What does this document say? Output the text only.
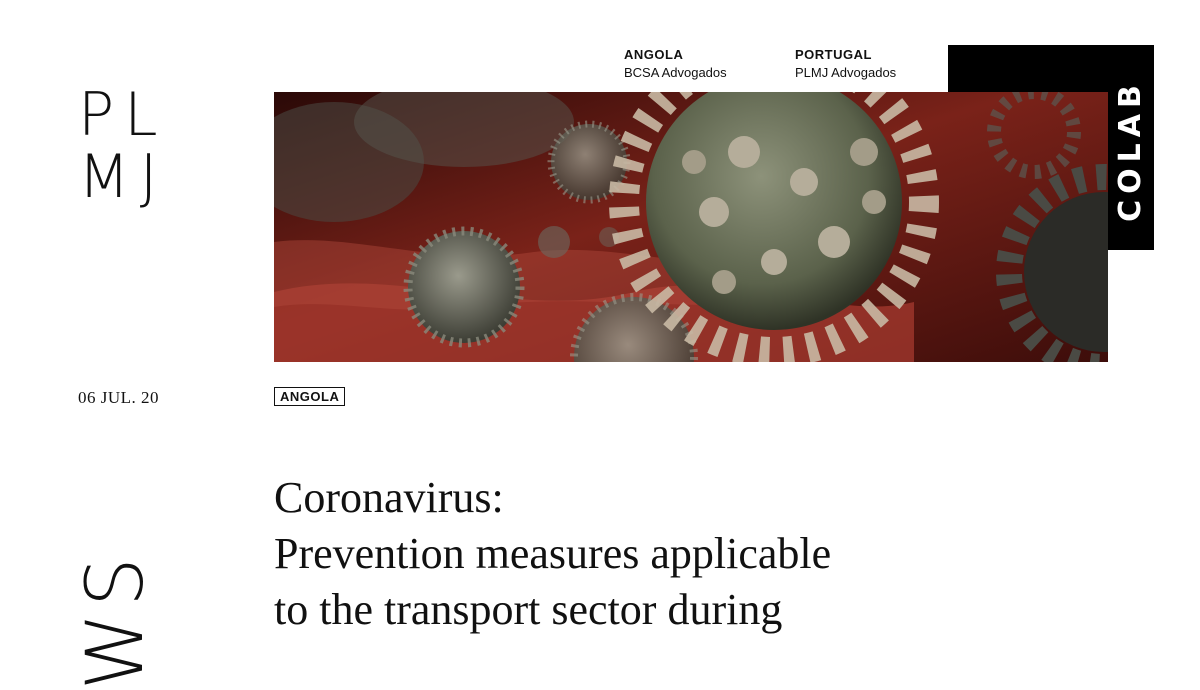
PL
MJ
ANGOLA
BCSA Advogados
PORTUGAL
PLMJ Advogados
COLAB
06 JUL. 20	ANGOLA
WS
Coronavirus:
Prevention measures applicable
to the transport sector during
